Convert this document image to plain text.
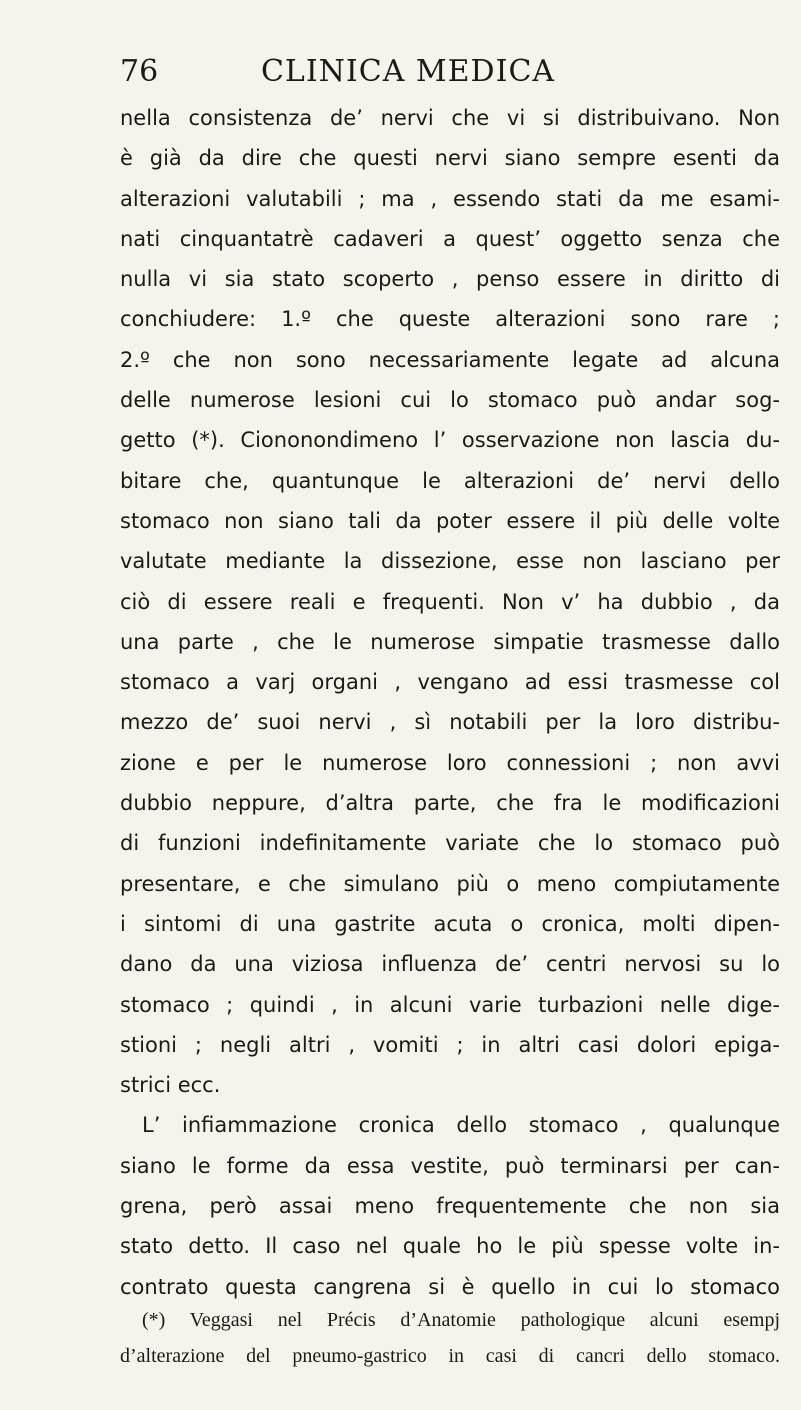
76	CLINICA MEDICA
nella consistenza de’ nervi che vi si distribuivano. Non
è già da dire che questi nervi siano sempre esenti da
alterazioni valutabili ; ma , essendo stati da me esami-
nati cinquantatrè cadaveri a quest’ oggetto senza che
nulla vi sia stato scoperto , penso essere in diritto di
conchiudere: 1.º che queste alterazioni sono rare ;
2.º che non sono necessariamente legate ad alcuna
delle numerose lesioni cui lo stomaco può andar sog-
getto (*). Ciononondimeno l’ osservazione non lascia du-
bitare che, quantunque le alterazioni de’ nervi dello
stomaco non siano tali da poter essere il più delle volte
valutate mediante la dissezione, esse non lasciano per
ciò di essere reali e frequenti. Non v’ ha dubbio , da
una parte , che le numerose simpatie trasmesse dallo
stomaco a varj organi , vengano ad essi trasmesse col
mezzo de’ suoi nervi , sì notabili per la loro distribu-
zione e per le numerose loro connessioni ; non avvi
dubbio neppure, d’altra parte, che fra le modificazioni
di funzioni indefinitamente variate che lo stomaco può
presentare, e che simulano più o meno compiutamente
i sintomi di una gastrite acuta o cronica, molti dipen-
dano da una viziosa influenza de’ centri nervosi su lo
stomaco ; quindi , in alcuni varie turbazioni nelle dige-
stioni ; negli altri , vomiti ; in altri casi dolori epiga-
strici ecc.
L’ infiammazione cronica dello stomaco , qualunque
siano le forme da essa vestite, può terminarsi per can-
grena, però assai meno frequentemente che non sia
stato detto. Il caso nel quale ho le più spesse volte in-
contrato questa cangrena si è quello in cui lo stomaco
(*) Veggasi nel Précis d’Anatomie pathologique alcuni esempj
d’alterazione del pneumo-gastrico in casi di cancri dello stomaco.
